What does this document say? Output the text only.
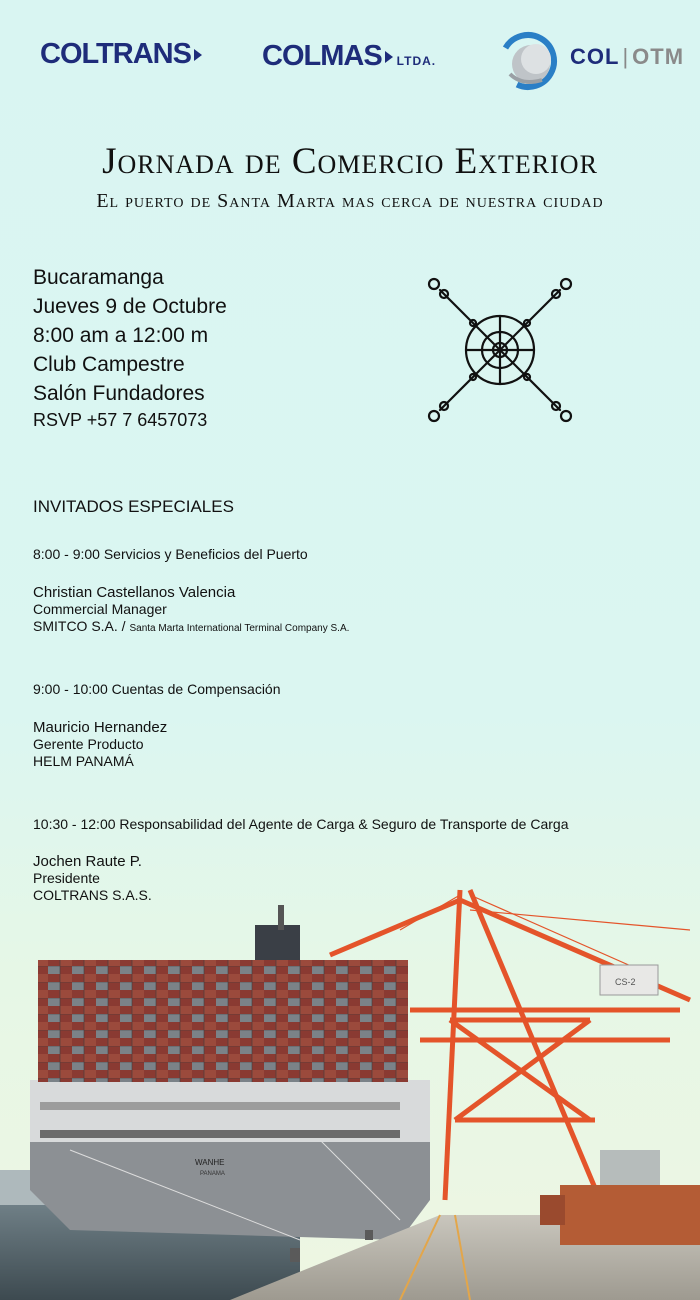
COLTRANS	COLMAS LTDA.	COL | OTM
Jornada de Comercio Exterior
El puerto de Santa Marta mas cerca de nuestra ciudad
Bucaramanga
Jueves 9 de Octubre
8:00 am a 12:00 m
Club Campestre
Salón Fundadores
RSVP +57 7 6457073
INVITADOS ESPECIALES
8:00 - 9:00 Servicios y Beneficios del Puerto
Christian Castellanos Valencia
Commercial Manager
SMITCO S.A. / Santa Marta International Terminal Company S.A.
9:00 - 10:00 Cuentas de Compensación
Mauricio Hernandez
Gerente Producto
HELM PANAMÁ
10:30 - 12:00 Responsabilidad del Agente de Carga & Seguro de Transporte de Carga
Jochen Raute P.
Presidente
COLTRANS S.A.S.
CS-2
WANHE
PANAMA
